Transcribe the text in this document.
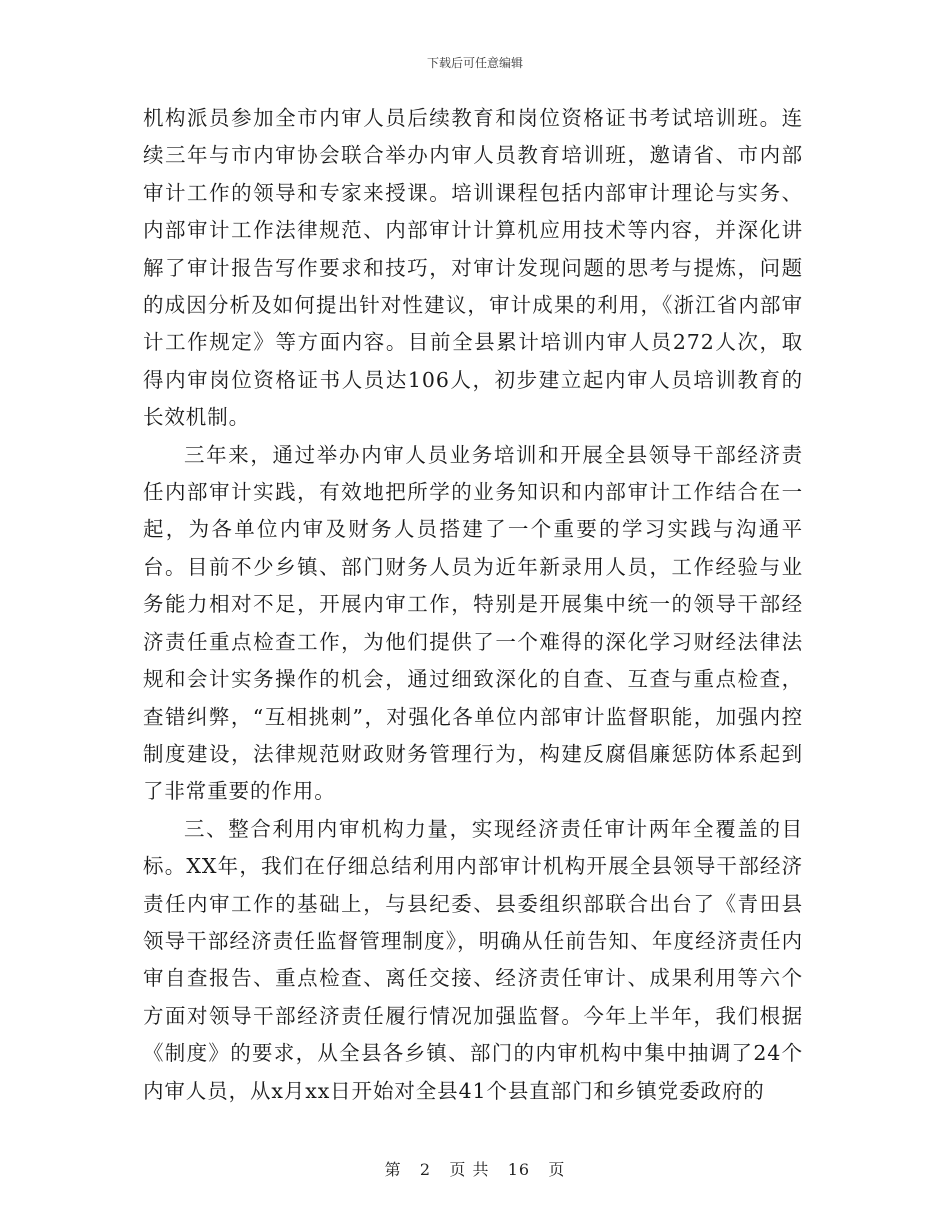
下载后可任意编辑

机构派员参加全市内审人员后续教育和岗位资格证书考试培训班。连续三年与市内审协会联合举办内审人员教育培训班，邀请省、市内部审计工作的领导和专家来授课。培训课程包括内部审计理论与实务、内部审计工作法律规范、内部审计计算机应用技术等内容，并深化讲解了审计报告写作要求和技巧，对审计发现问题的思考与提炼，问题的成因分析及如何提出针对性建议，审计成果的利用，《浙江省内部审计工作规定》等方面内容。目前全县累计培训内审人员272人次，取得内审岗位资格证书人员达106人，初步建立起内审人员培训教育的长效机制。

三年来，通过举办内审人员业务培训和开展全县领导干部经济责任内部审计实践，有效地把所学的业务知识和内部审计工作结合在一起，为各单位内审及财务人员搭建了一个重要的学习实践与沟通平台。目前不少乡镇、部门财务人员为近年新录用人员，工作经验与业务能力相对不足，开展内审工作，特别是开展集中统一的领导干部经济责任重点检查工作，为他们提供了一个难得的深化学习财经法律法规和会计实务操作的机会，通过细致深化的自查、互查与重点检查，查错纠弊，“互相挑刺”，对强化各单位内部审计监督职能，加强内控制度建设，法律规范财政财务管理行为，构建反腐倡廉惩防体系起到了非常重要的作用。

三、整合利用内审机构力量，实现经济责任审计两年全覆盖的目标。XX年，我们在仔细总结利用内部审计机构开展全县领导干部经济责任内审工作的基础上，与县纪委、县委组织部联合出台了《青田县领导干部经济责任监督管理制度》，明确从任前告知、年度经济责任内审自查报告、重点检查、离任交接、经济责任审计、成果利用等六个方面对领导干部经济责任履行情况加强监督。今年上半年，我们根据《制度》的要求，从全县各乡镇、部门的内审机构中集中抽调了24个内审人员，从x月xx日开始对全县41个县直部门和乡镇党委政府的

第 2 页 共 16 页
